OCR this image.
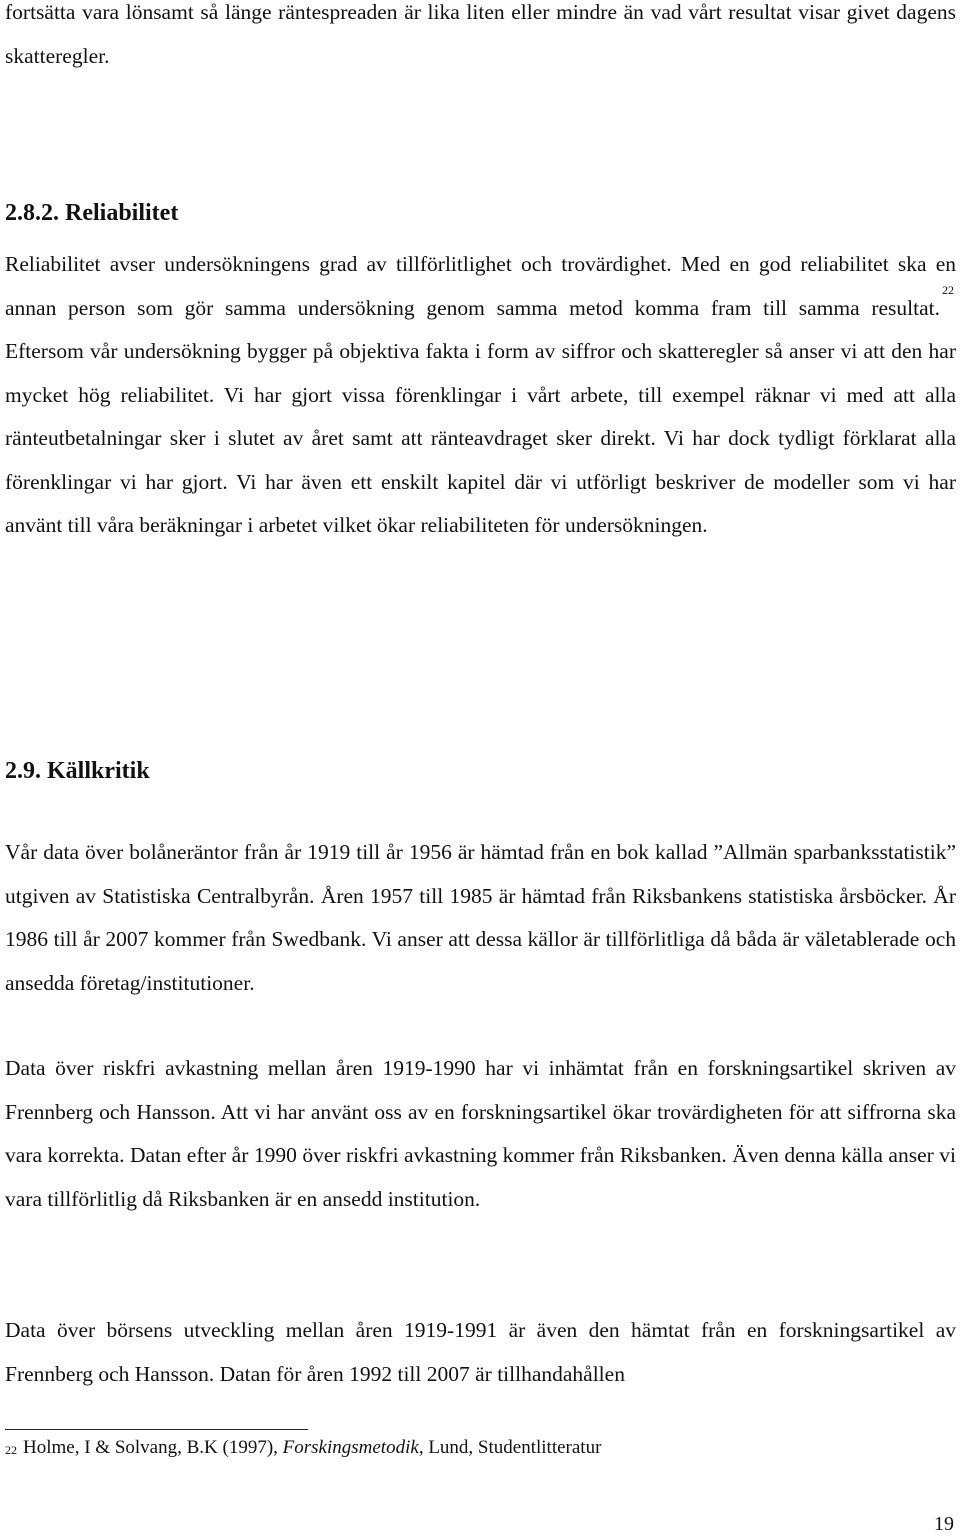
fortsätta vara lönsamt så länge räntespreaden är lika liten eller mindre än vad vårt resultat visar givet dagens skatteregler.

2.8.2. Reliabilitet

Reliabilitet avser undersökningens grad av tillförlitlighet och trovärdighet. Med en god reliabilitet ska en annan person som gör samma undersökning genom samma metod komma fram till samma resultat.$^{22}$ Eftersom vår undersökning bygger på objektiva fakta i form av siffror och skatteregler så anser vi att den har mycket hög reliabilitet. Vi har gjort vissa förenklingar i vårt arbete, till exempel räknar vi med att alla ränteutbetalningar sker i slutet av året samt att ränteavdraget sker direkt. Vi har dock tydligt förklarat alla förenklingar vi har gjort. Vi har även ett enskilt kapitel där vi utförligt beskriver de modeller som vi har använt till våra beräkningar i arbetet vilket ökar reliabiliteten för undersökningen.

2.9. Källkritik

Vår data över bolåneräntor från år 1919 till år 1956 är hämtad från en bok kallad ”Allmän sparbanksstatistik” utgiven av Statistiska Centralbyrån. Åren 1957 till 1985 är hämtad från Riksbankens statistiska årsböcker. År 1986 till år 2007 kommer från Swedbank. Vi anser att dessa källor är tillförlitliga då båda är väletablerade och ansedda företag/institutioner.

Data över riskfri avkastning mellan åren 1919-1990 har vi inhämtat från en forskningsartikel skriven av Frennberg och Hansson. Att vi har använt oss av en forskningsartikel ökar trovärdigheten för att siffrorna ska vara korrekta. Datan efter år 1990 över riskfri avkastning kommer från Riksbanken. Även denna källa anser vi vara tillförlitlig då Riksbanken är en ansedd institution.

Data över börsens utveckling mellan åren 1919-1991 är även den hämtat från en forskningsartikel av Frennberg och Hansson. Datan för åren 1992 till 2007 är tillhandahållen

$^{22}$ Holme, I & Solvang, B.K (1997), Forskingsmetodik, Lund, Studentlitteratur
19
